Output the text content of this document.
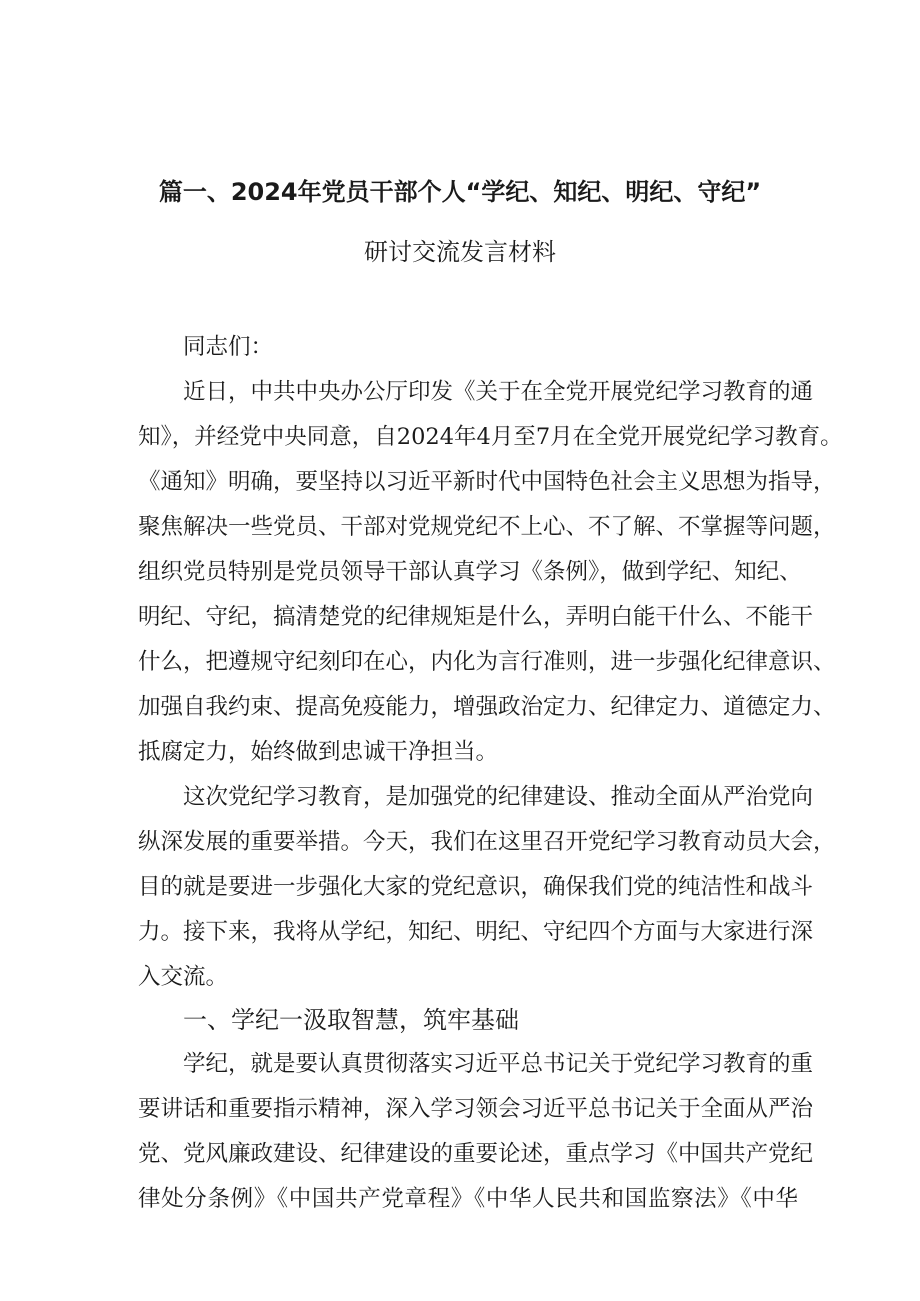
篇一、2024年党员干部个人“学纪、知纪、明纪、守纪”
研讨交流发言材料
同志们：
近日，中共中央办公厅印发《关于在全党开展党纪学习教育的通
知》，并经党中央同意，自2024年4月至7月在全党开展党纪学习教育。
《通知》明确，要坚持以习近平新时代中国特色社会主义思想为指导，
聚焦解决一些党员、干部对党规党纪不上心、不了解、不掌握等问题，
组织党员特别是党员领导干部认真学习《条例》，做到学纪、知纪、
明纪、守纪，搞清楚党的纪律规矩是什么，弄明白能干什么、不能干
什么，把遵规守纪刻印在心，内化为言行准则，进一步强化纪律意识、
加强自我约束、提高免疫能力，增强政治定力、纪律定力、道德定力、
抵腐定力，始终做到忠诚干净担当。
这次党纪学习教育，是加强党的纪律建设、推动全面从严治党向
纵深发展的重要举措。今天，我们在这里召开党纪学习教育动员大会，
目的就是要进一步强化大家的党纪意识，确保我们党的纯洁性和战斗
力。接下来，我将从学纪，知纪、明纪、守纪四个方面与大家进行深
入交流。
一、学纪一汲取智慧，筑牢基础
学纪，就是要认真贯彻落实习近平总书记关于党纪学习教育的重
要讲话和重要指示精神，深入学习领会习近平总书记关于全面从严治
党、党风廉政建设、纪律建设的重要论述，重点学习《中国共产党纪
律处分条例》《中国共产党章程》《中华人民共和国监察法》《中华
